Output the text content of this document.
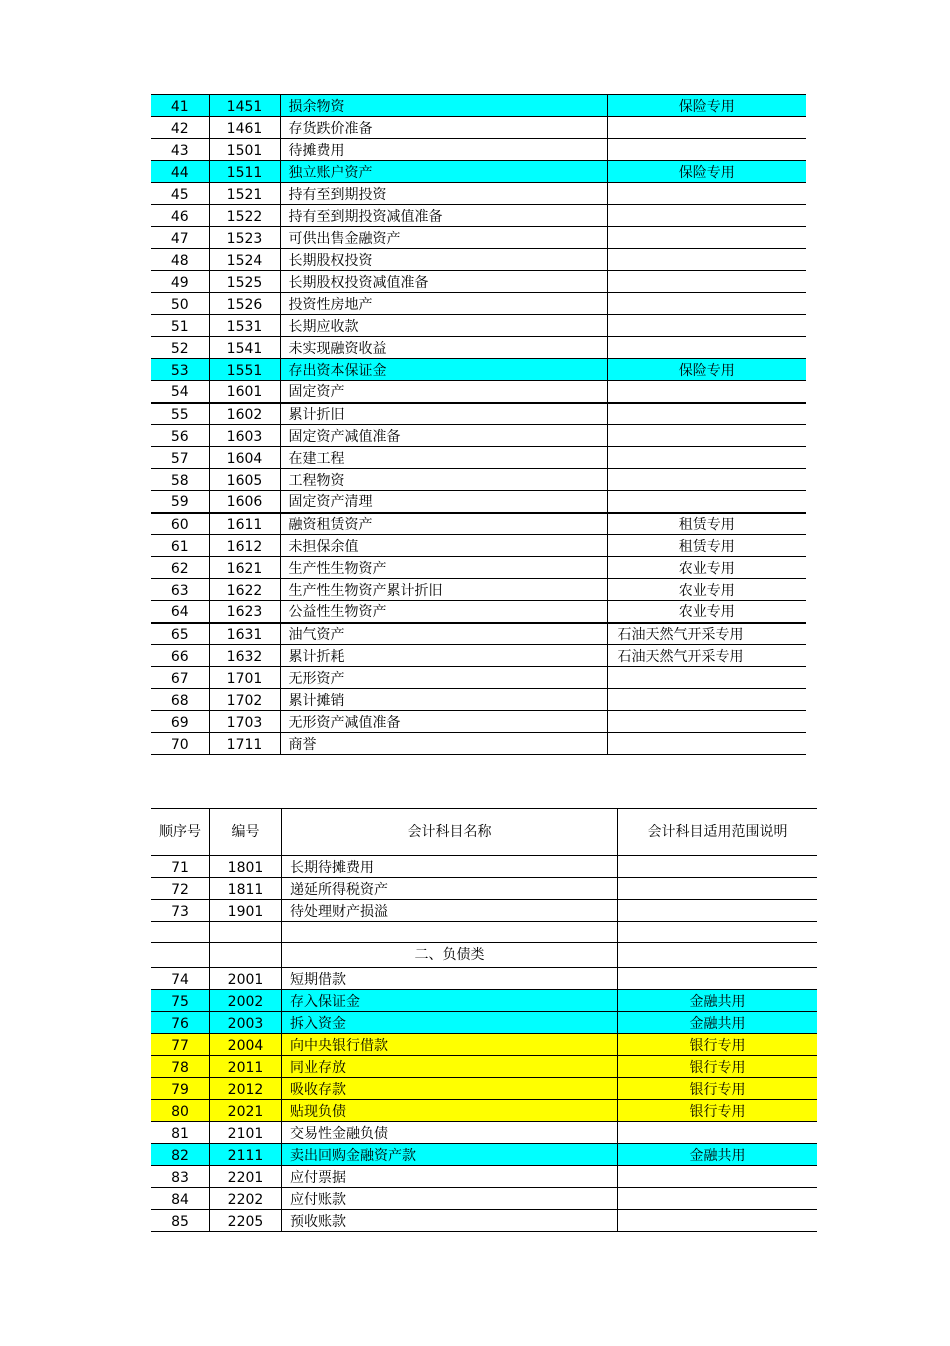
41	1451	损余物资	保险专用
42	1461	存货跌价准备	
43	1501	待摊费用	
44	1511	独立账户资产	保险专用
45	1521	持有至到期投资	
46	1522	持有至到期投资减值准备	
47	1523	可供出售金融资产	
48	1524	长期股权投资	
49	1525	长期股权投资减值准备	
50	1526	投资性房地产	
51	1531	长期应收款	
52	1541	未实现融资收益	
53	1551	存出资本保证金	保险专用
54	1601	固定资产	
55	1602	累计折旧	
56	1603	固定资产减值准备	
57	1604	在建工程	
58	1605	工程物资	
59	1606	固定资产清理	
60	1611	融资租赁资产	租赁专用
61	1612	未担保余值	租赁专用
62	1621	生产性生物资产	农业专用
63	1622	生产性生物资产累计折旧	农业专用
64	1623	公益性生物资产	农业专用
65	1631	油气资产	石油天然气开采专用
66	1632	累计折耗	石油天然气开采专用
67	1701	无形资产	
68	1702	累计摊销	
69	1703	无形资产减值准备	
70	1711	商誉	
顺序号	编号	会计科目名称	会计科目适用范围说明
71	1801	长期待摊费用	
72	1811	递延所得税资产	
73	1901	待处理财产损溢	

		二、负债类	
74	2001	短期借款	
75	2002	存入保证金	金融共用
76	2003	拆入资金	金融共用
77	2004	向中央银行借款	银行专用
78	2011	同业存放	银行专用
79	2012	吸收存款	银行专用
80	2021	贴现负债	银行专用
81	2101	交易性金融负债	
82	2111	卖出回购金融资产款	金融共用
83	2201	应付票据	
84	2202	应付账款	
85	2205	预收账款	
